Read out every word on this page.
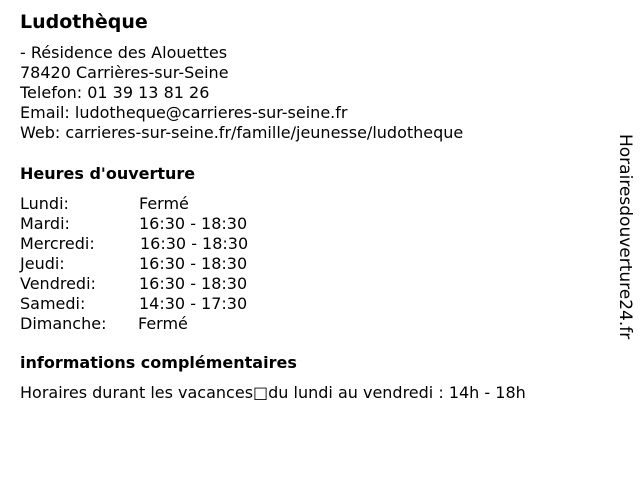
Ludothèque
- Résidence des Alouettes
78420 Carrières-sur-Seine
Telefon: 01 39 13 81 26
Email: ludotheque@carrieres-sur-seine.fr
Web: carrieres-sur-seine.fr/famille/jeunesse/ludotheque
Heures d'ouverture
Lundi:	Fermé
Mardi:	16:30 - 18:30
Mercredi:	16:30 - 18:30
Jeudi:	16:30 - 18:30
Vendredi:	16:30 - 18:30
Samedi:	14:30 - 17:30
Dimanche: Fermé
informations complémentaires
Horaires durant les vacances□du lundi au vendredi : 14h - 18h
Horairesdouverture24.fr
